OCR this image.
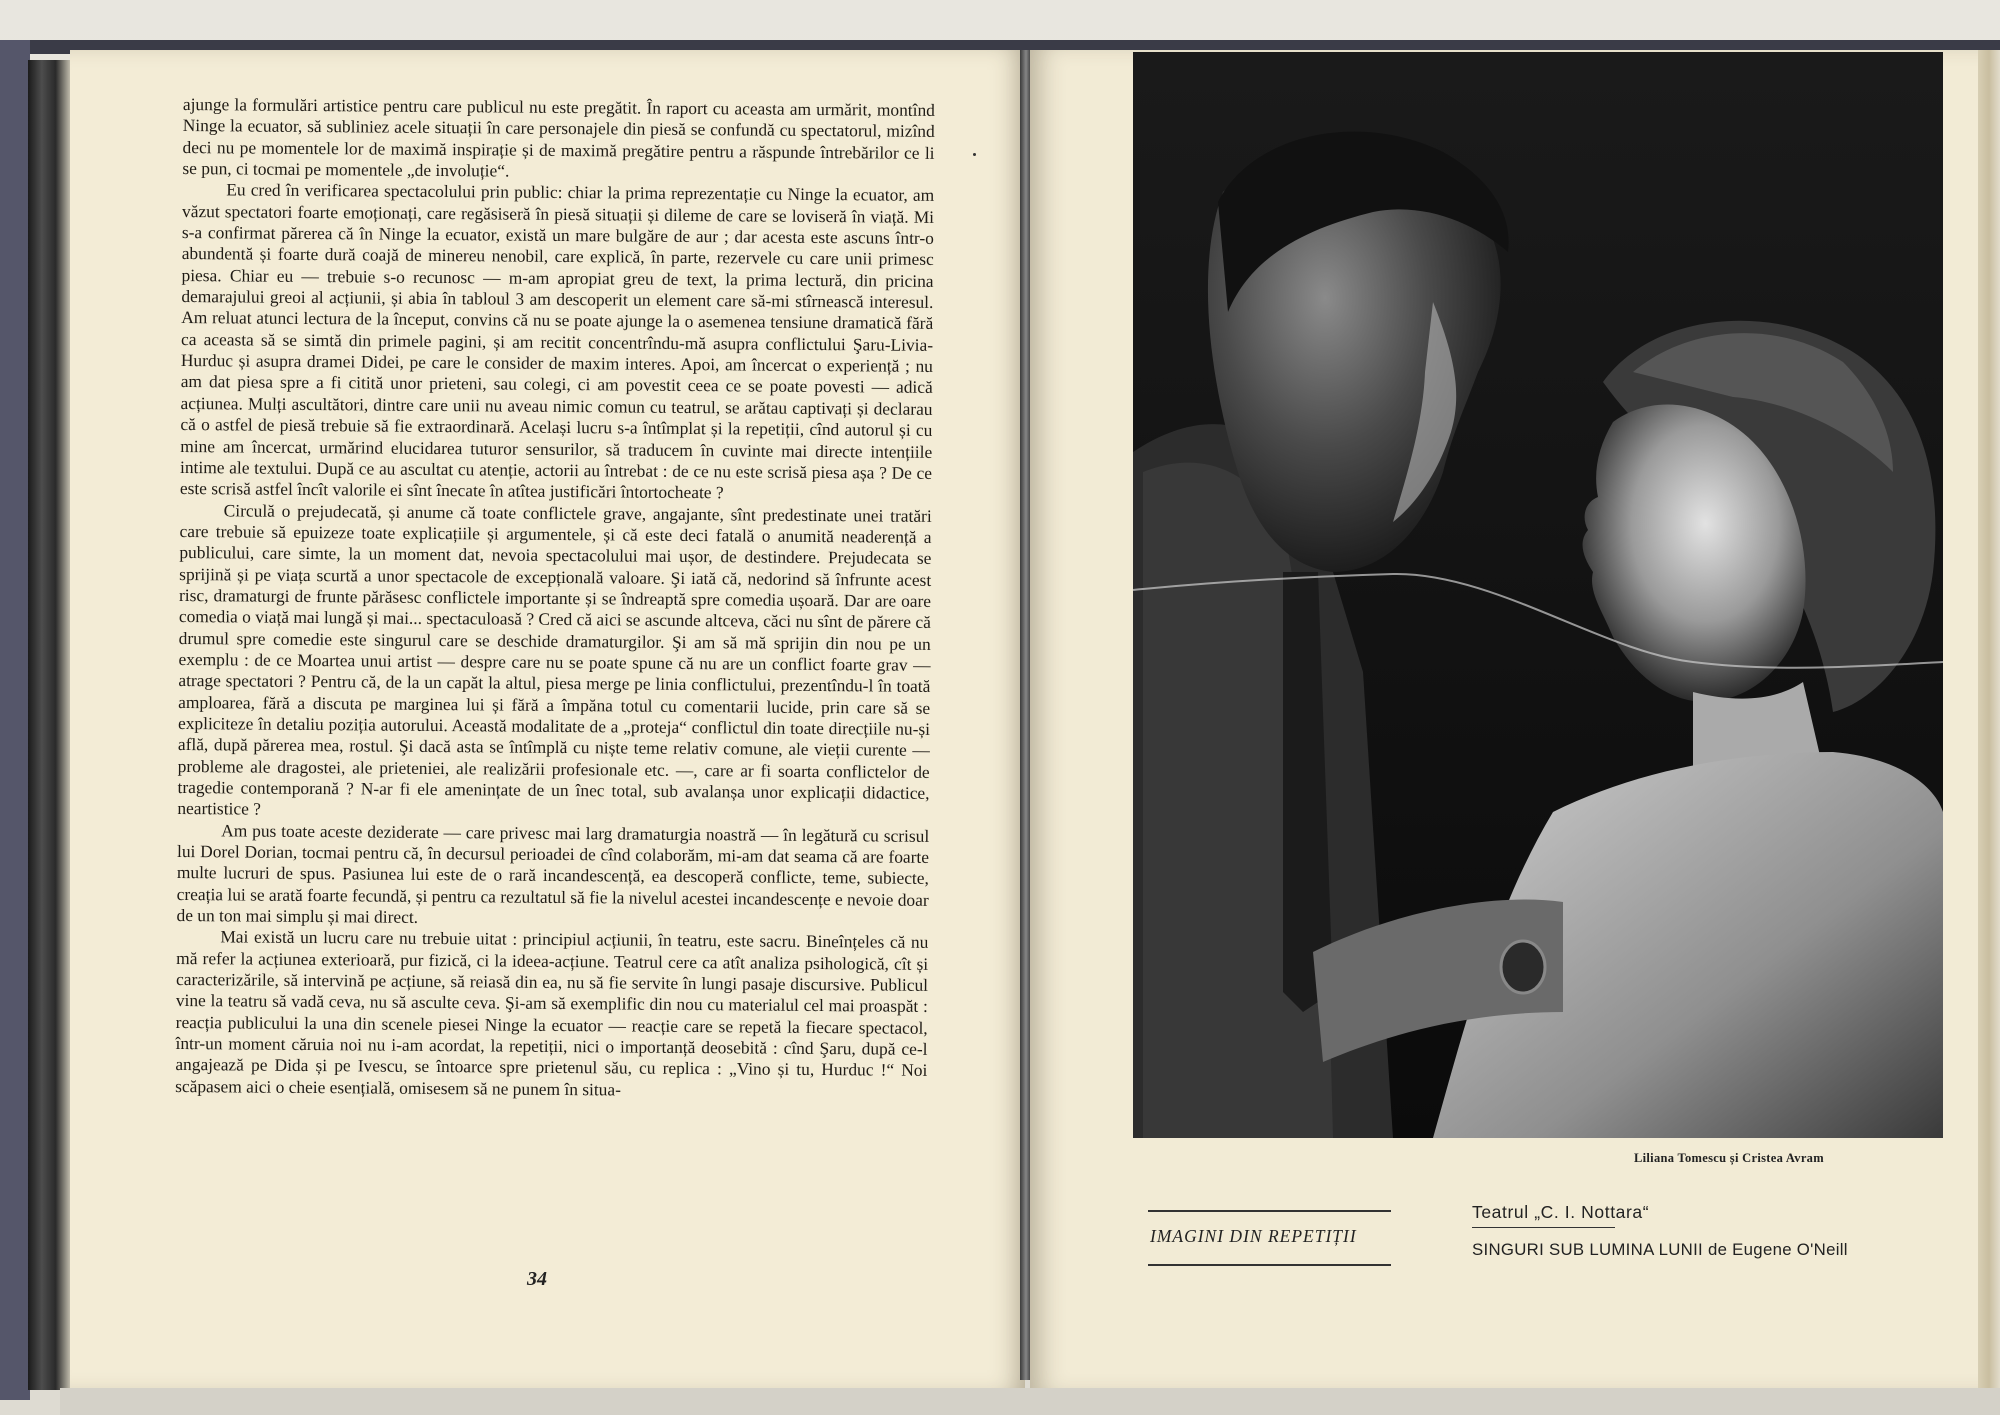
ajunge la formulări artistice pentru care publicul nu este pregătit. În raport cu aceasta am urmărit, montînd Ninge la ecuator, să subliniez acele situații în care personajele din piesă se confundă cu spectatorul, mizînd deci nu pe momentele lor de maximă inspirație și de maximă pregătire pentru a răspunde întrebărilor ce li se pun, ci tocmai pe momentele „de involuție“.

Eu cred în verificarea spectacolului prin public: chiar la prima reprezentație cu Ninge la ecuator, am văzut spectatori foarte emoționați, care regăsiseră în piesă situații și dileme de care se loviseră în viață. Mi s-a confirmat părerea că în Ninge la ecuator, există un mare bulgăre de aur ; dar acesta este ascuns într-o abundentă și foarte dură coajă de minereu nenobil, care explică, în parte, rezervele cu care unii primesc piesa. Chiar eu — trebuie s-o recunosc — m-am apropiat greu de text, la prima lectură, din pricina demarajului greoi al acțiunii, și abia în tabloul 3 am descoperit un element care să-mi stîrnească interesul. Am reluat atunci lectura de la început, convins că nu se poate ajunge la o asemenea tensiune dramatică fără ca aceasta să se simtă din primele pagini, și am recitit concentrîndu-mă asupra conflictului Şaru-Livia-Hurduc și asupra dramei Didei, pe care le consider de maxim interes. Apoi, am încercat o experiență ; nu am dat piesa spre a fi citită unor prieteni, sau colegi, ci am povestit ceea ce se poate povesti — adică acțiunea. Mulți ascultători, dintre care unii nu aveau nimic comun cu teatrul, se arătau captivați și declarau că o astfel de piesă trebuie să fie extraordinară. Același lucru s-a întîmplat și la repetiții, cînd autorul și cu mine am încercat, urmărind elucidarea tuturor sensurilor, să traducem în cuvinte mai directe intențiile intime ale textului. După ce au ascultat cu atenție, actorii au întrebat : de ce nu este scrisă piesa așa ? De ce este scrisă astfel încît valorile ei sînt înecate în atîtea justificări întortocheate ?

Circulă o prejudecată, și anume că toate conflictele grave, angajante, sînt predestinate unei tratări care trebuie să epuizeze toate explicațiile și argumentele, și că este deci fatală o anumită neaderență a publicului, care simte, la un moment dat, nevoia spectacolului mai ușor, de destindere. Prejudecata se sprijină și pe viața scurtă a unor spectacole de excepțională valoare. Şi iată că, nedorind să înfrunte acest risc, dramaturgi de frunte părăsesc conflictele importante și se îndreaptă spre comedia ușoară. Dar are oare comedia o viață mai lungă și mai... spectaculoasă ? Cred că aici se ascunde altceva, căci nu sînt de părere că drumul spre comedie este singurul care se deschide dramaturgilor. Şi am să mă sprijin din nou pe un exemplu : de ce Moartea unui artist — despre care nu se poate spune că nu are un conflict foarte grav — atrage spectatori ? Pentru că, de la un capăt la altul, piesa merge pe linia conflictului, prezentîndu-l în toată amploarea, fără a discuta pe marginea lui și fără a împăna totul cu comentarii lucide, prin care să se expliciteze în detaliu poziția autorului. Această modalitate de a „proteja“ conflictul din toate direcțiile nu-și află, după părerea mea, rostul. Şi dacă asta se întîmplă cu niște teme relativ comune, ale vieții curente — probleme ale dragostei, ale prieteniei, ale realizării profesionale etc. —, care ar fi soarta conflictelor de tragedie contemporană ? N-ar fi ele amenințate de un înec total, sub avalanșa unor explicații didactice, neartistice ?

Am pus toate aceste deziderate — care privesc mai larg dramaturgia noastră — în legătură cu scrisul lui Dorel Dorian, tocmai pentru că, în decursul perioadei de cînd colaborăm, mi-am dat seama că are foarte multe lucruri de spus. Pasiunea lui este de o rară incandescență, ea descoperă conflicte, teme, subiecte, creația lui se arată foarte fecundă, și pentru ca rezultatul să fie la nivelul acestei incandescențe e nevoie doar de un ton mai simplu și mai direct.

Mai există un lucru care nu trebuie uitat : principiul acțiunii, în teatru, este sacru. Bineînțeles că nu mă refer la acțiunea exterioară, pur fizică, ci la ideea-acțiune. Teatrul cere ca atît analiza psihologică, cît și caracterizările, să intervină pe acțiune, să reiasă din ea, nu să fie servite în lungi pasaje discursive. Publicul vine la teatru să vadă ceva, nu să asculte ceva. Şi-am să exemplific din nou cu materialul cel mai proaspăt : reacția publicului la una din scenele piesei Ninge la ecuator — reacție care se repetă la fiecare spectacol, într-un moment căruia noi nu i-am acordat, la repetiții, nici o importanță deosebită : cînd Şaru, după ce-l angajează pe Dida și pe Ivescu, se întoarce spre prietenul său, cu replica : „Vino și tu, Hurduc !“ Noi scăpasem aici o cheie esențială, omisesem să ne punem în situa-

34
Liliana Tomescu și Cristea Avram
IMAGINI DIN REPETIȚII
Teatrul „C. I. Nottara“
SINGURI SUB LUMINA LUNII de Eugene O'Neill
